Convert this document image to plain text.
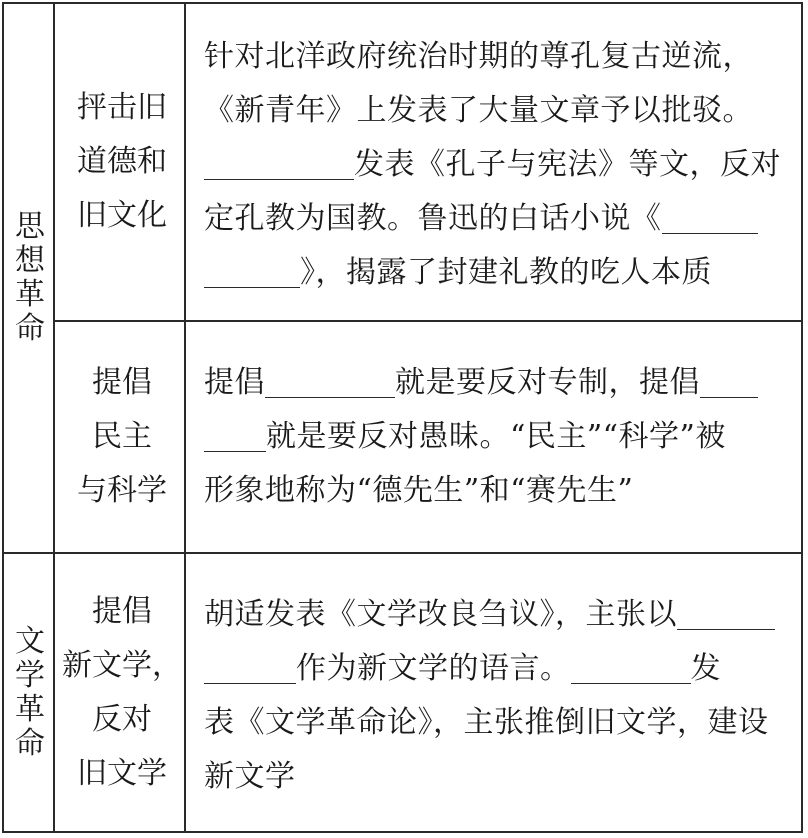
思想革命
文学革命
抨击旧
道德和
旧文化
提倡
民主
与科学
提倡
新文学，
反对
旧文学
针对北洋政府统治时期的尊孔复古逆流，
《新青年》上发表了大量文章予以批驳。
发表《孔子与宪法》等文，反对
定孔教为国教。鲁迅的白话小说《
》，揭露了封建礼教的吃人本质
提倡	就是要反对专制，提倡
就是要反对愚昧。“民主”“科学”被
形象地称为“德先生”和“赛先生”
胡适发表《文学改良刍议》，主张以
作为新文学的语言。	发
表《文学革命论》，主张推倒旧文学，建设
新文学
